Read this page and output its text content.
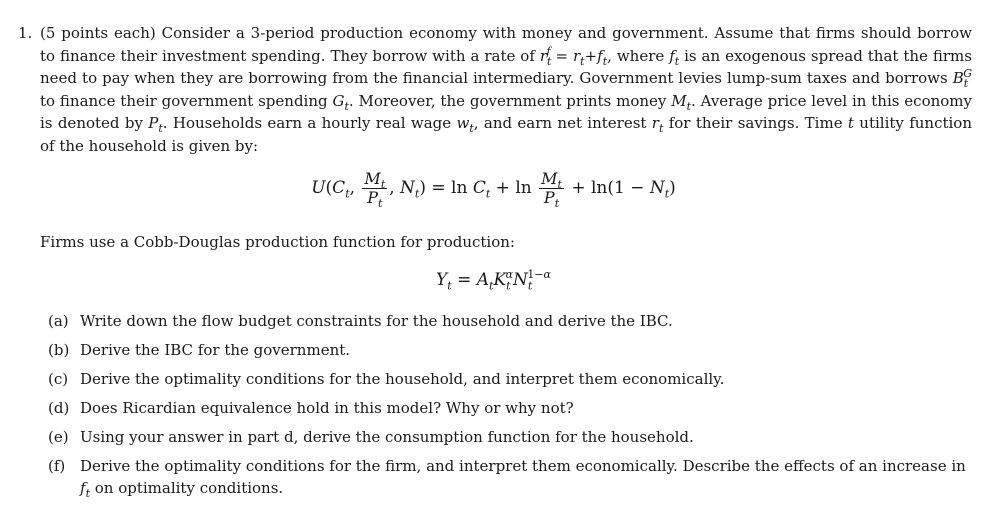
1. (5 points each) Consider a 3-period production economy with money and government. Assume that firms should borrow to finance their investment spending. They borrow with a rate of $r_t^f = r_t+f_t$, where $f_t$ is an exogenous spread that the firms need to pay when they are borrowing from the financial intermediary. Government levies lump-sum taxes and borrows $B_t^G$ to finance their government spending $G_t$. Moreover, the government prints money $M_t$. Average price level in this economy is denoted by $P_t$. Households earn a hourly real wage $w_t$, and earn net interest $r_t$ for their savings. Time t utility function of the household is given by:

$U(C_t$, $\frac{M_t}{P_t}$ , $N_t) = \ln C_t + \ln \frac{M_t}{P_t} + \ln(1 - N_t)$
Firms use a Cobb-Douglas production function for production:
$Y_t = A_tK_t^\alpha N_t^{1-\alpha}$
(a) Write down the flow budget constraints for the household and derive the IBC.
(b) Derive the IBC for the government.
(c) Derive the optimality conditions for the household, and interpret them economically.
(d) Does Ricardian equivalence hold in this model? Why or why not?
(e) Using your answer in part d, derive the consumption function for the household.
(f) Derive the optimality conditions for the firm, and interpret them economically. Describe the effects of an increase in $f_t$ on optimality conditions.
